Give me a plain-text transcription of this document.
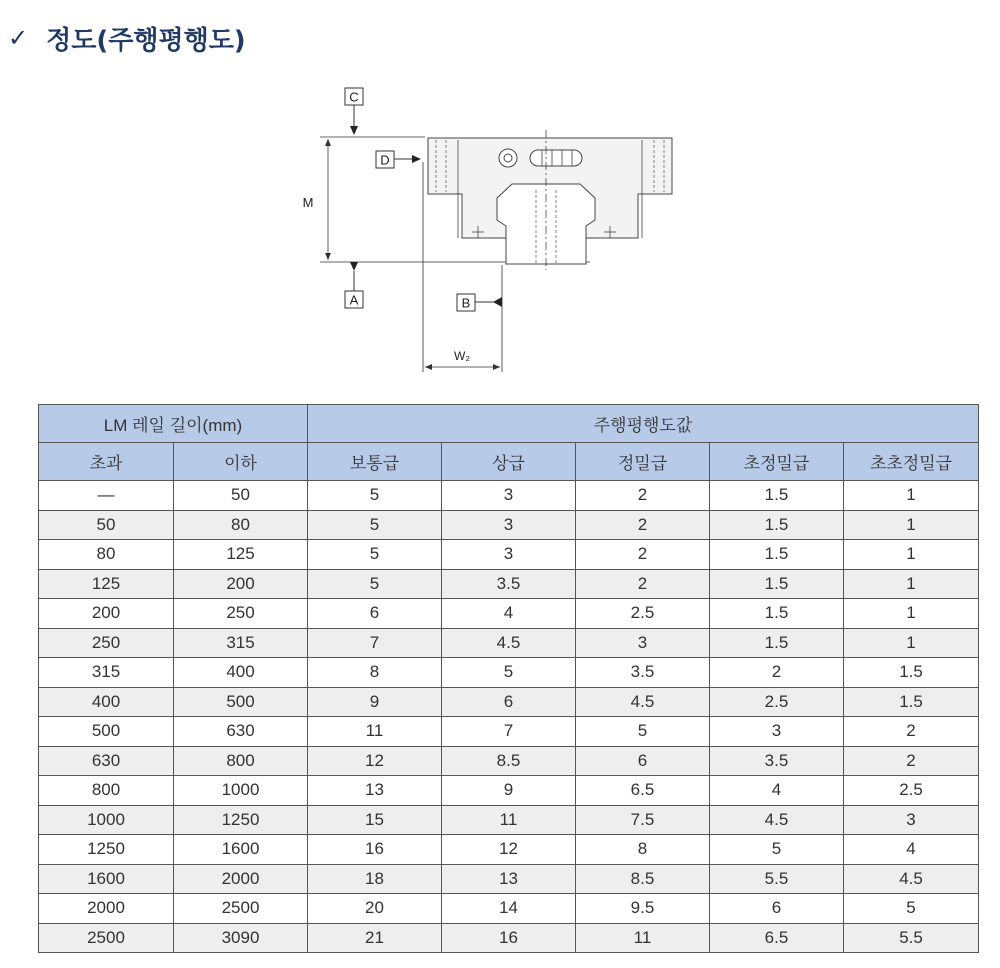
✓ 정도(주행평행도)
C
D
M
A	B
W₂
LM 레일 길이(mm)		주행평행도값				
초과	이하	보통급	상급	정밀급	초정밀급	초초정밀급
—	50	5	3	2	1.5	1
50	80	5	3	2	1.5	1
80	125	5	3	2	1.5	1
125	200	5	3.5	2	1.5	1
200	250	6	4	2.5	1.5	1
250	315	7	4.5	3	1.5	1
315	400	8	5	3.5	2	1.5
400	500	9	6	4.5	2.5	1.5
500	630	11	7	5	3	2
630	800	12	8.5	6	3.5	2
800	1000	13	9	6.5	4	2.5
1000	1250	15	11	7.5	4.5	3
1250	1600	16	12	8	5	4
1600	2000	18	13	8.5	5.5	4.5
2000	2500	20	14	9.5	6	5
2500	3090	21	16	11	6.5	5.5
